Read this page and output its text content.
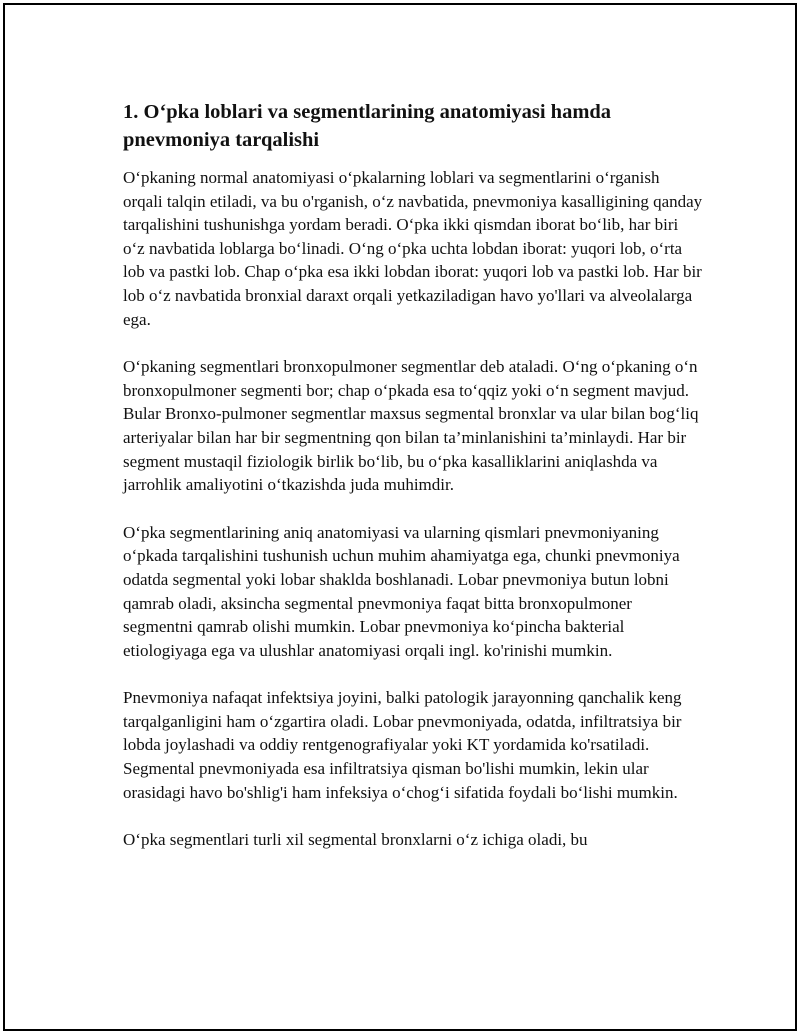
1. O‘pka loblari va segmentlarining anatomiyasi hamda pnevmoniya tarqalishi

O‘pkaning normal anatomiyasi o‘pkalarning loblari va segmentlarini o‘rganish orqali talqin etiladi, va bu o'rganish, o‘z navbatida, pnevmoniya kasalligining qanday tarqalishini tushunishga yordam beradi. O‘pka ikki qismdan iborat bo‘lib, har biri o‘z navbatida loblarga bo‘linadi. O‘ng o‘pka uchta lobdan iborat: yuqori lob, o‘rta lob va pastki lob. Chap o‘pka esa ikki lobdan iborat: yuqori lob va pastki lob. Har bir lob o‘z navbatida bronxial daraxt orqali yetkaziladigan havo yo'llari va alveolalarga ega.

O‘pkaning segmentlari bronxopulmoner segmentlar deb ataladi. O‘ng o‘pkaning o‘n bronxopulmoner segmenti bor; chap o‘pkada esa to‘qqiz yoki o‘n segment mavjud. Bular Bronxo-pulmoner segmentlar maxsus segmental bronxlar va ular bilan bog‘liq arteriyalar bilan har bir segmentning qon bilan ta’minlanishini ta’minlaydi. Har bir segment mustaqil fiziologik birlik bo‘lib, bu o‘pka kasalliklarini aniqlashda va jarrohlik amaliyotini o‘tkazishda juda muhimdir.

O‘pka segmentlarining aniq anatomiyasi va ularning qismlari pnevmoniyaning o‘pkada tarqalishini tushunish uchun muhim ahamiyatga ega, chunki pnevmoniya odatda segmental yoki lobar shaklda boshlanadi. Lobar pnevmoniya butun lobni qamrab oladi, aksincha segmental pnevmoniya faqat bitta bronxopulmoner segmentni qamrab olishi mumkin. Lobar pnevmoniya ko‘pincha bakterial etiologiyaga ega va ulushlar anatomiyasi orqali ingl. ko'rinishi mumkin.

Pnevmoniya nafaqat infektsiya joyini, balki patologik jarayonning qanchalik keng tarqalganligini ham o‘zgartira oladi. Lobar pnevmoniyada, odatda, infiltratsiya bir lobda joylashadi va oddiy rentgenografiyalar yoki KT yordamida ko'rsatiladi. Segmental pnevmoniyada esa infiltratsiya qisman bo'lishi mumkin, lekin ular orasidagi havo bo'shlig'i ham infeksiya o‘chog‘i sifatida foydali bo‘lishi mumkin.

O‘pka segmentlari turli xil segmental bronxlarni o‘z ichiga oladi, bu
